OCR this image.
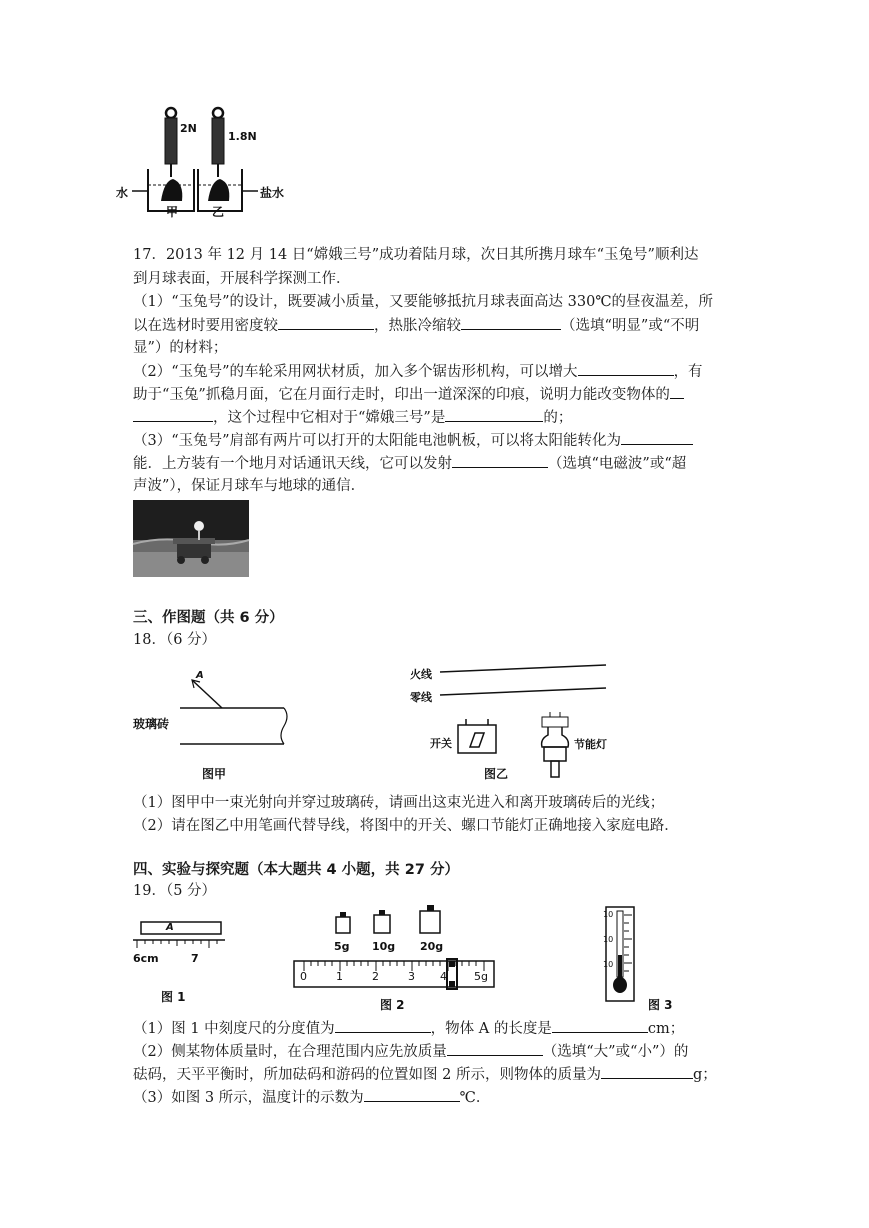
2N
1.8N
水	盐水
甲	乙
17．2013 年 12 月 14 日“嫦娥三号”成功着陆月球，次日其所携月球车“玉兔号”顺利达
到月球表面，开展科学探测工作．
（1）“玉兔号”的设计，既要减小质量，又要能够抵抗月球表面高达 330℃的昼夜温差，所
以在选材时要用密度较	，热胀冷缩较	（选填“明显”或“不明
显”）的材料；
（2）“玉兔号”的车轮采用网状材质，加入多个锯齿形机构，可以增大	，有
助于“玉兔”抓稳月面，它在月面行走时，印出一道深深的印痕，说明力能改变物体的
，这个过程中它相对于“嫦娥三号”是	的；
（3）“玉兔号”肩部有两片可以打开的太阳能电池帆板，可以将太阳能转化为
能．上方装有一个地月对话通讯天线，它可以发射	（选填“电磁波”或“超
声波”），保证月球车与地球的通信．
三、作图题（共 6 分）
18．（6 分）
A
玻璃砖
图甲
火线
零线
开关	节能灯
图乙
（1）图甲中一束光射向并穿过玻璃砖，请画出这束光进入和离开玻璃砖后的光线；
（2）请在图乙中用笔画代替导线，将图中的开关、螺口节能灯正确地接入家庭电路．
四、实验与探究题（本大题共 4 小题，共 27 分）
19．（5 分）
A
6cm	7
图 1
5g 10g 20g
0	1	2	3 4 5g
图 2
10
10
10
图 3
（1）图 1 中刻度尺的分度值为	，物体 A 的长度是	cm；
（2）侧某物体质量时，在合理范围内应先放质量	（选填“大”或“小”）的
砝码，天平平衡时，所加砝码和游码的位置如图 2 所示，则物体的质量为	g；
（3）如图 3 所示，温度计的示数为	℃．
